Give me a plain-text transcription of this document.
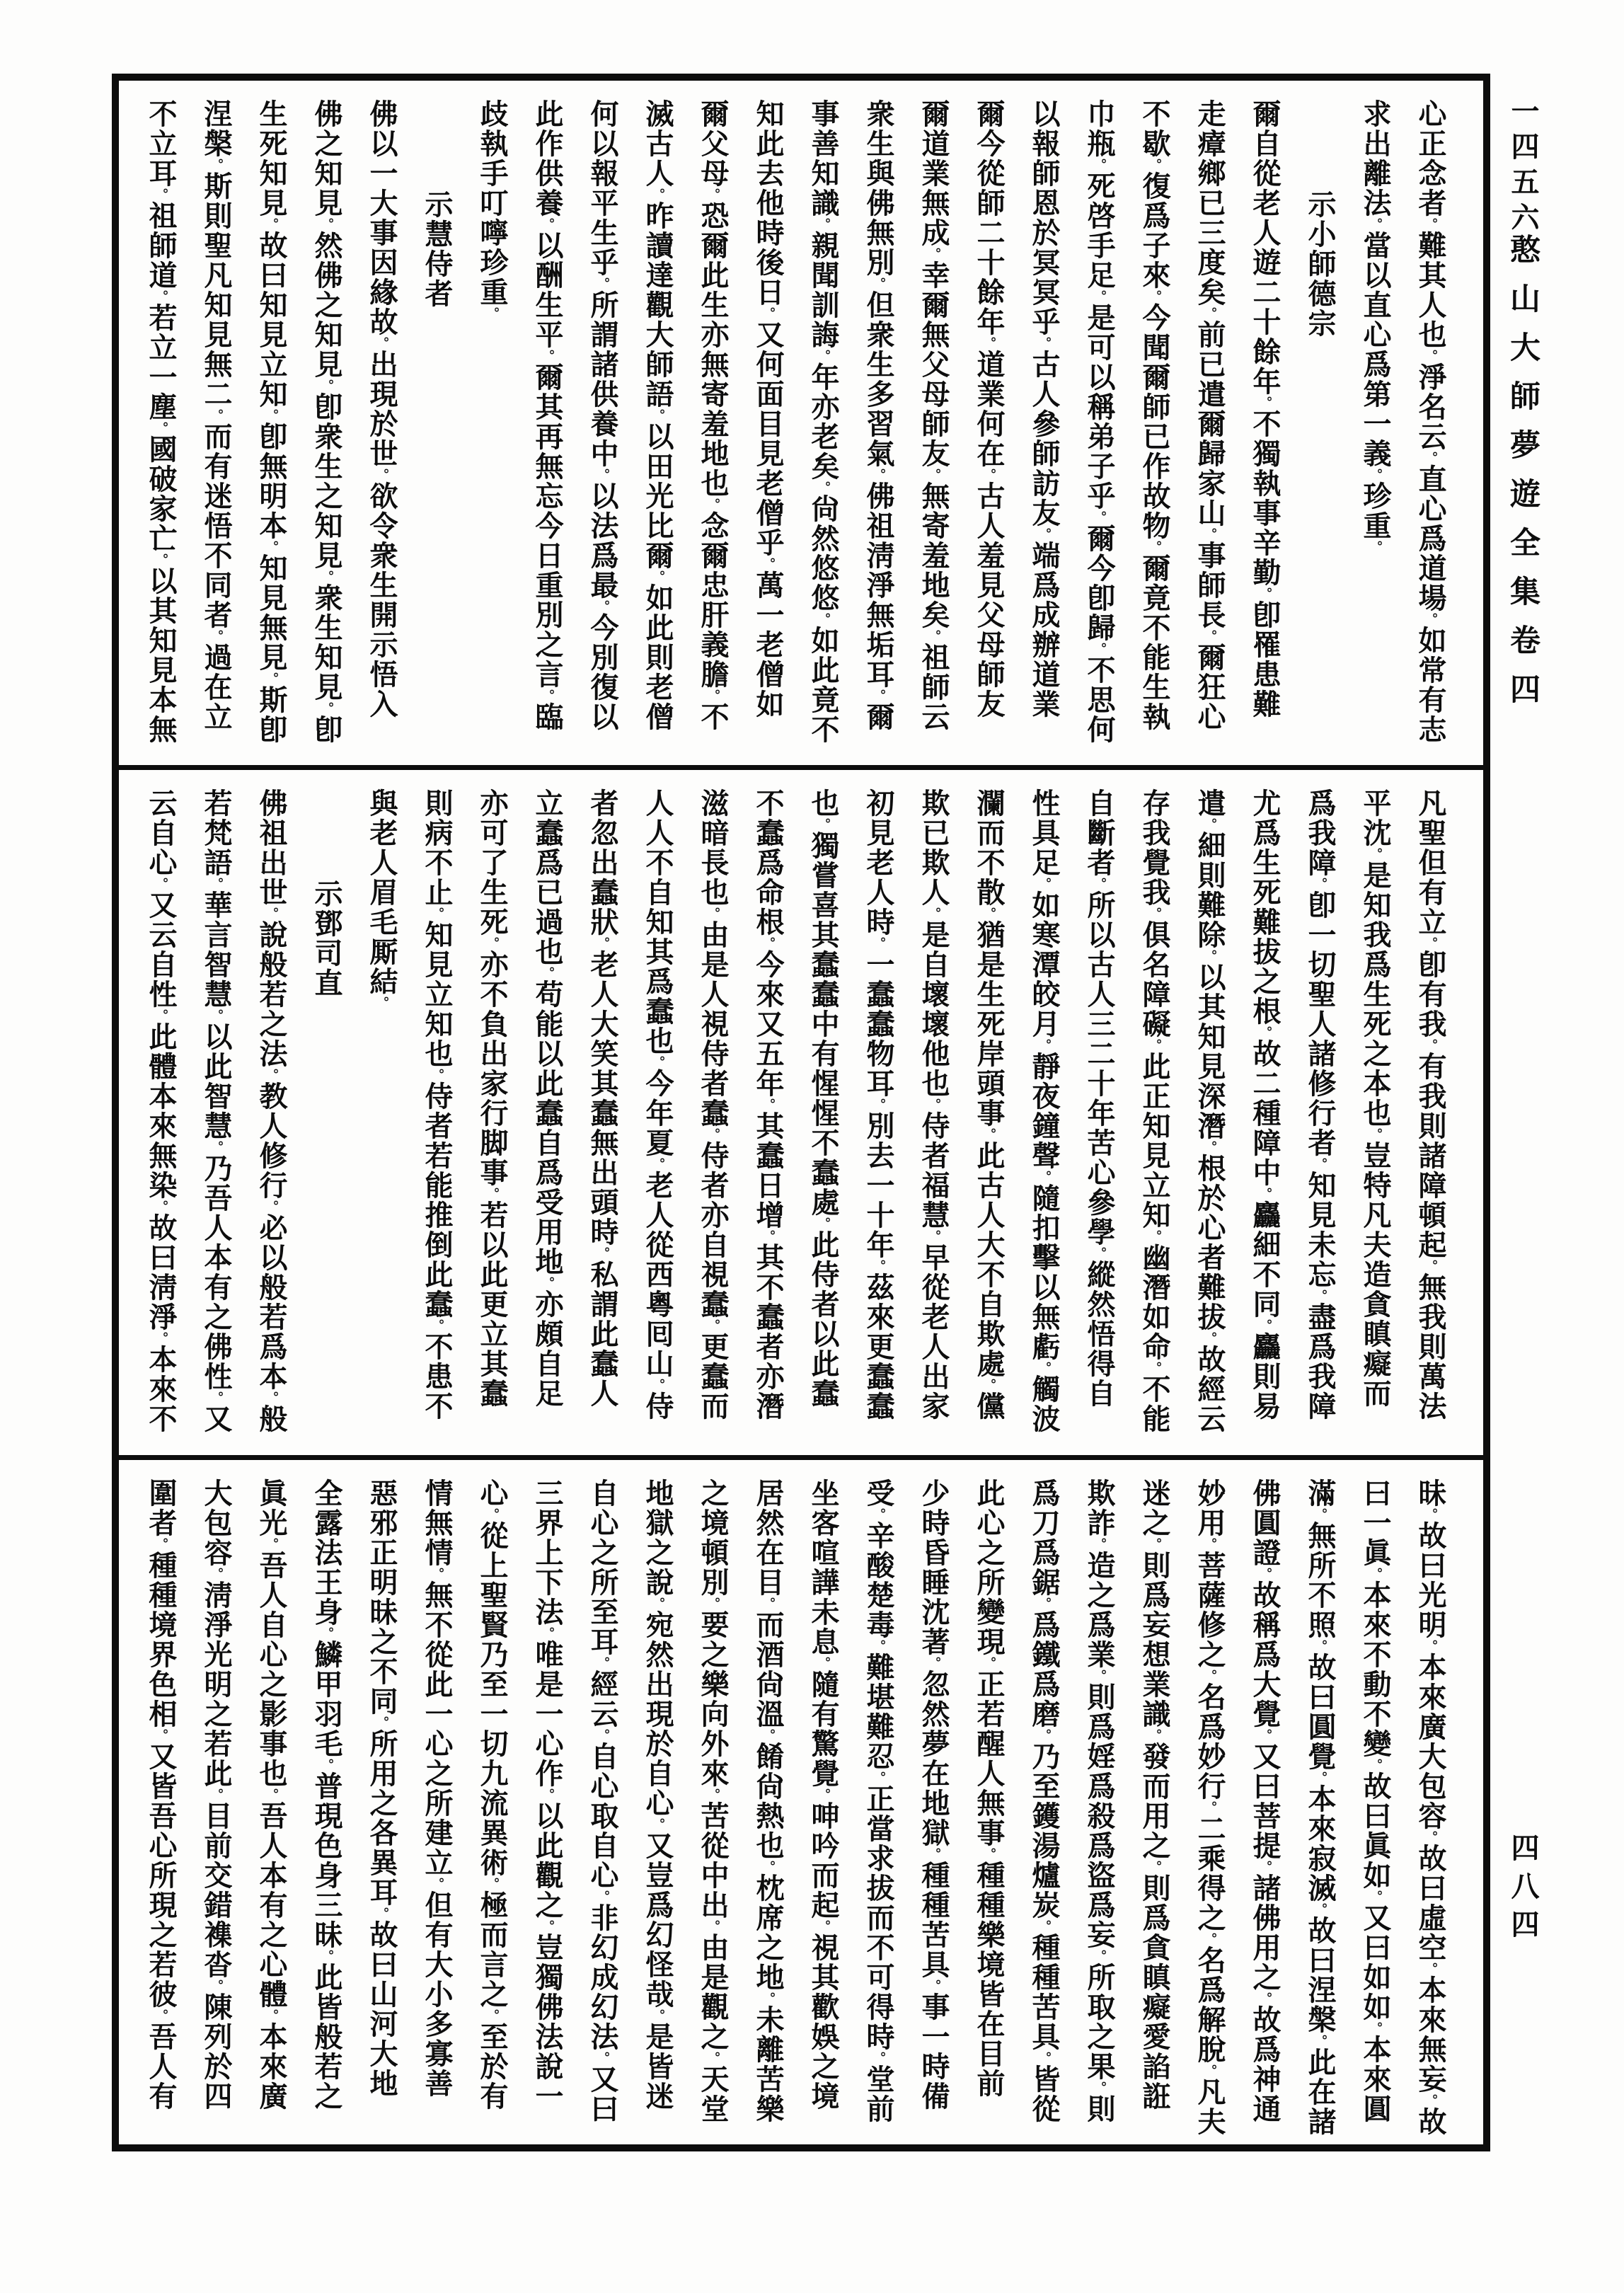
一四五六
憨山大師夢遊全集卷四
四八四
心正念者。難其人也。淨名云。直心爲道場。如常有志
求出離法。當以直心爲第一義。珍重。
示小師德宗
爾自從老人遊二十餘年。不獨執事辛勤。卽罹患難
走瘴鄉已三度矣。前已遣爾歸家山。事師長。爾狂心
不歇。復爲子來。今聞爾師已作故物。爾竟不能生執
巾瓶。死啓手足。是可以稱弟子乎。爾今卽歸。不思何
以報師恩於冥冥乎。古人參師訪友。端爲成辦道業
爾今從師二十餘年。道業何在。古人羞見父母師友
爾道業無成。幸爾無父母師友。無寄羞地矣。祖師云
衆生與佛無別。但衆生多習氣。佛祖淸淨無垢耳。爾
事善知識。親聞訓誨。年亦老矣。尙然悠悠。如此竟不
知此去他時後日。又何面目見老僧乎。萬一老僧如
爾父母。恐爾此生亦無寄羞地也。念爾忠肝義膽。不
滅古人。昨讀達觀大師語。以田光比爾。如此則老僧
何以報平生乎。所謂諸供養中。以法爲最。今別復以
此作供養。以酬生平。爾其再無忘今日重別之言。臨
歧執手叮嚀珍重。
示慧侍者
佛以一大事因緣故。出現於世。欲令衆生開示悟入
佛之知見。然佛之知見。卽衆生之知見。衆生知見。卽
生死知見。故曰知見立知。卽無明本。知見無見。斯卽
涅槃。斯則聖凡知見無二。而有迷悟不同者。過在立
不立耳。祖師道。若立一塵。國破家亡。以其知見本無
凡聖但有立。卽有我。有我則諸障頓起。無我則萬法
平沈。是知我爲生死之本也。豈特凡夫造貪瞋癡而
爲我障。卽一切聖人諸修行者。知見未忘。盡爲我障
尤爲生死難拔之根。故二種障中。麤細不同。麤則易
遣。細則難除。以其知見深潛。根於心者難拔。故經云
存我覺我。俱名障礙。此正知見立知。幽潛如命。不能
自斷者。所以古人三二十年苦心參學。縱然悟得自
性具足。如寒潭皎月。靜夜鐘聲。隨扣擊以無虧。觸波
瀾而不散。猶是生死岸頭事。此古人大不自欺處。儻
欺已欺人。是自壞壞他也。侍者福慧。早從老人出家
初見老人時。一蠢蠢物耳。別去一十年。茲來更蠢蠢
也。獨嘗喜其蠢蠢中有惺惺不蠢處。此侍者以此蠢
不蠢爲命根。今來又五年。其蠢日增。其不蠢者亦潛
滋暗長也。由是人視侍者蠢。侍者亦自視蠢。更蠢而
人人不自知其爲蠢也。今年夏。老人從西粵囘山。侍
者忽出蠢狀。老人大笑其蠢無出頭時。私謂此蠢人
立蠢爲已過也。苟能以此蠢自爲受用地。亦頗自足
亦可了生死。亦不負出家行脚事。若以此更立其蠢
則病不止。知見立知也。侍者若能推倒此蠢。不患不
與老人眉毛厮結。
示鄧司直
佛祖出世。說般若之法。教人修行。必以般若爲本。般
若梵語。華言智慧。以此智慧。乃吾人本有之佛性。又
云自心。又云自性。此體本來無染。故曰淸淨。本來不
昧。故曰光明。本來廣大包容。故曰虛空。本來無妄。故
曰一眞。本來不動不變。故曰眞如。又曰如如。本來圓
滿。無所不照。故曰圓覺。本來寂滅。故曰涅槃。此在諸
佛圓證。故稱爲大覺。又曰菩提。諸佛用之。故爲神通
妙用。菩薩修之。名爲妙行。二乘得之。名爲解脫。凡夫
迷之。則爲妄想業識。發而用之。則爲貪瞋癡愛諂誑
欺詐。造之爲業。則爲婬爲殺爲盜爲妄。所取之果。則
爲刀爲鋸。爲鐵爲磨。乃至鑊湯爐炭。種種苦具。皆從
此心之所變現。正若醒人無事。種種樂境皆在目前
少時昏睡沈著。忽然夢在地獄。種種苦具。事一時備
受。辛酸楚毒。難堪難忍。正當求拔而不可得時。堂前
坐客喧譁未息。隨有驚覺。呻吟而起。視其歡娛之境
居然在目。而酒尙溫。餚尙熱也。枕席之地。未離苦樂
之境頓別。要之樂向外來。苦從中出。由是觀之。天堂
地獄之說。宛然出現於自心。又豈爲幻怪哉。是皆迷
自心之所至耳。經云。自心取自心。非幻成幻法。又曰
三界上下法。唯是一心作。以此觀之。豈獨佛法說一
心。從上聖賢乃至一切九流異術。極而言之。至於有
情無情。無不從此一心之所建立。但有大小多寡善
惡邪正明昧之不同。所用之各異耳。故曰山河大地
全露法王身。鱗甲羽毛。普現色身三昧。此皆般若之
眞光。吾人自心之影事也。吾人本有之心體。本來廣
大包容。淸淨光明之若此。目前交錯襍沓。陳列於四
圍者。種種境界色相。又皆吾心所現之若彼。吾人有
